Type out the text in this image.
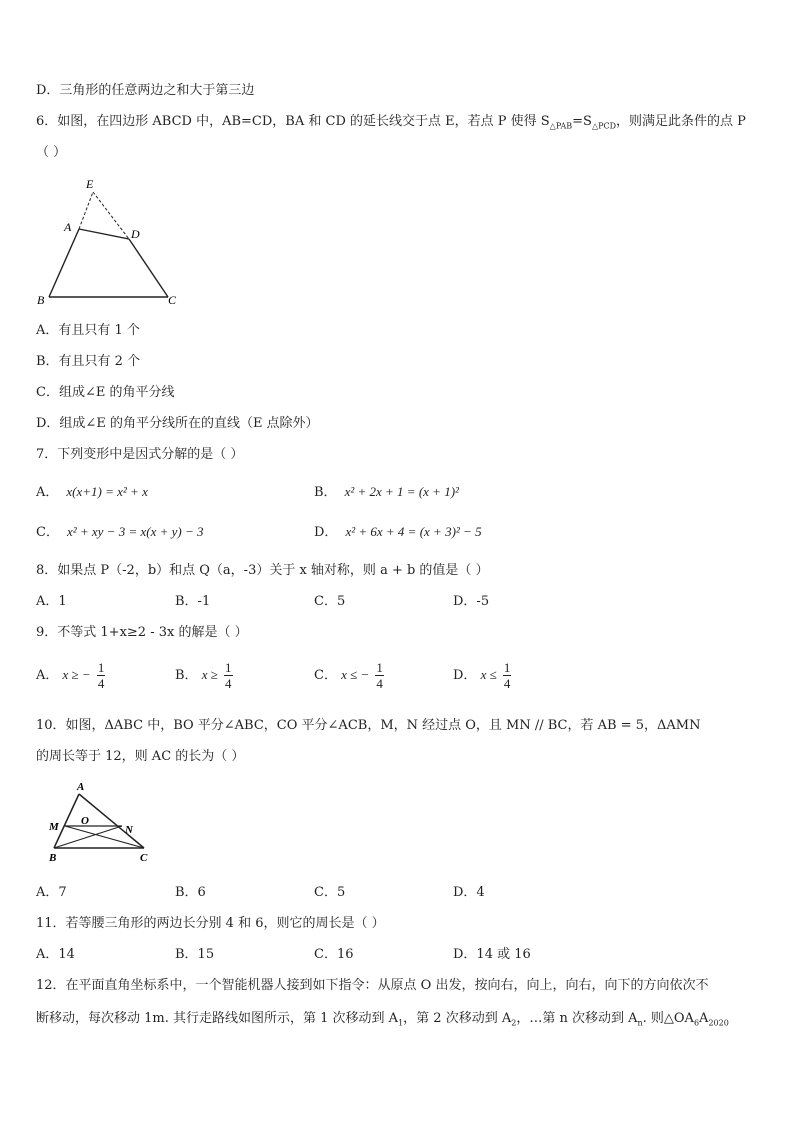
D．三角形的任意两边之和大于第三边
6．如图，在四边形 ABCD 中，AB=CD，BA 和 CD 的延长线交于点 E，若点 P 使得 $S_{\triangle PAB}=S_{\triangle PCD}$，则满足此条件的点 P
（ ）
E
A	D
B	C
A．有且只有 1 个
B．有且只有 2 个
C．组成∠E 的角平分线
D．组成∠E 的角平分线所在的直线（E 点除外）
7．下列变形中是因式分解的是（ ）
A． x(x+1) = x² + x	B． x² + 2x + 1 = (x + 1)²
C． x² + xy − 3 = x(x + y) − 3	D． x² + 6x + 4 = (x + 3)² − 5
8．如果点 P（-2，b）和点 Q（a，-3）关于 x 轴对称，则 a + b 的值是（ ）
A．1	B．-1	C．5	D．-5
9．不等式 1+x≥2 - 3x 的解是（ ）
A． x ≥ − $\frac{1}{4}$	B． $x \ge \frac{1}{4}$	C． x ≤ − $\frac{1}{4}$	D． $x \le \frac{1}{4}$
10．如图，ΔABC 中，BO 平分∠ABC，CO 平分∠ACB，M，N 经过点 O，且 MN // BC，若 AB = 5，ΔAMN
的周长等于 12，则 AC 的长为（ ）
A
M O
N
B	C
A．7	B．6	C．5	D．4
11．若等腰三角形的两边长分别 4 和 6，则它的周长是（ ）
A．14	B．15	C．16	D．14 或 16
12．在平面直角坐标系中，一个智能机器人接到如下指令：从原点 O 出发，按向右，向上，向右，向下的方向依次不
断移动，每次移动 1m. 其行走路线如图所示，第 1 次移动到 $A_1$，第 2 次移动到 $A_2$，…第 n 次移动到 $A_n$. 则$\triangle OA_6A_{2020}$
